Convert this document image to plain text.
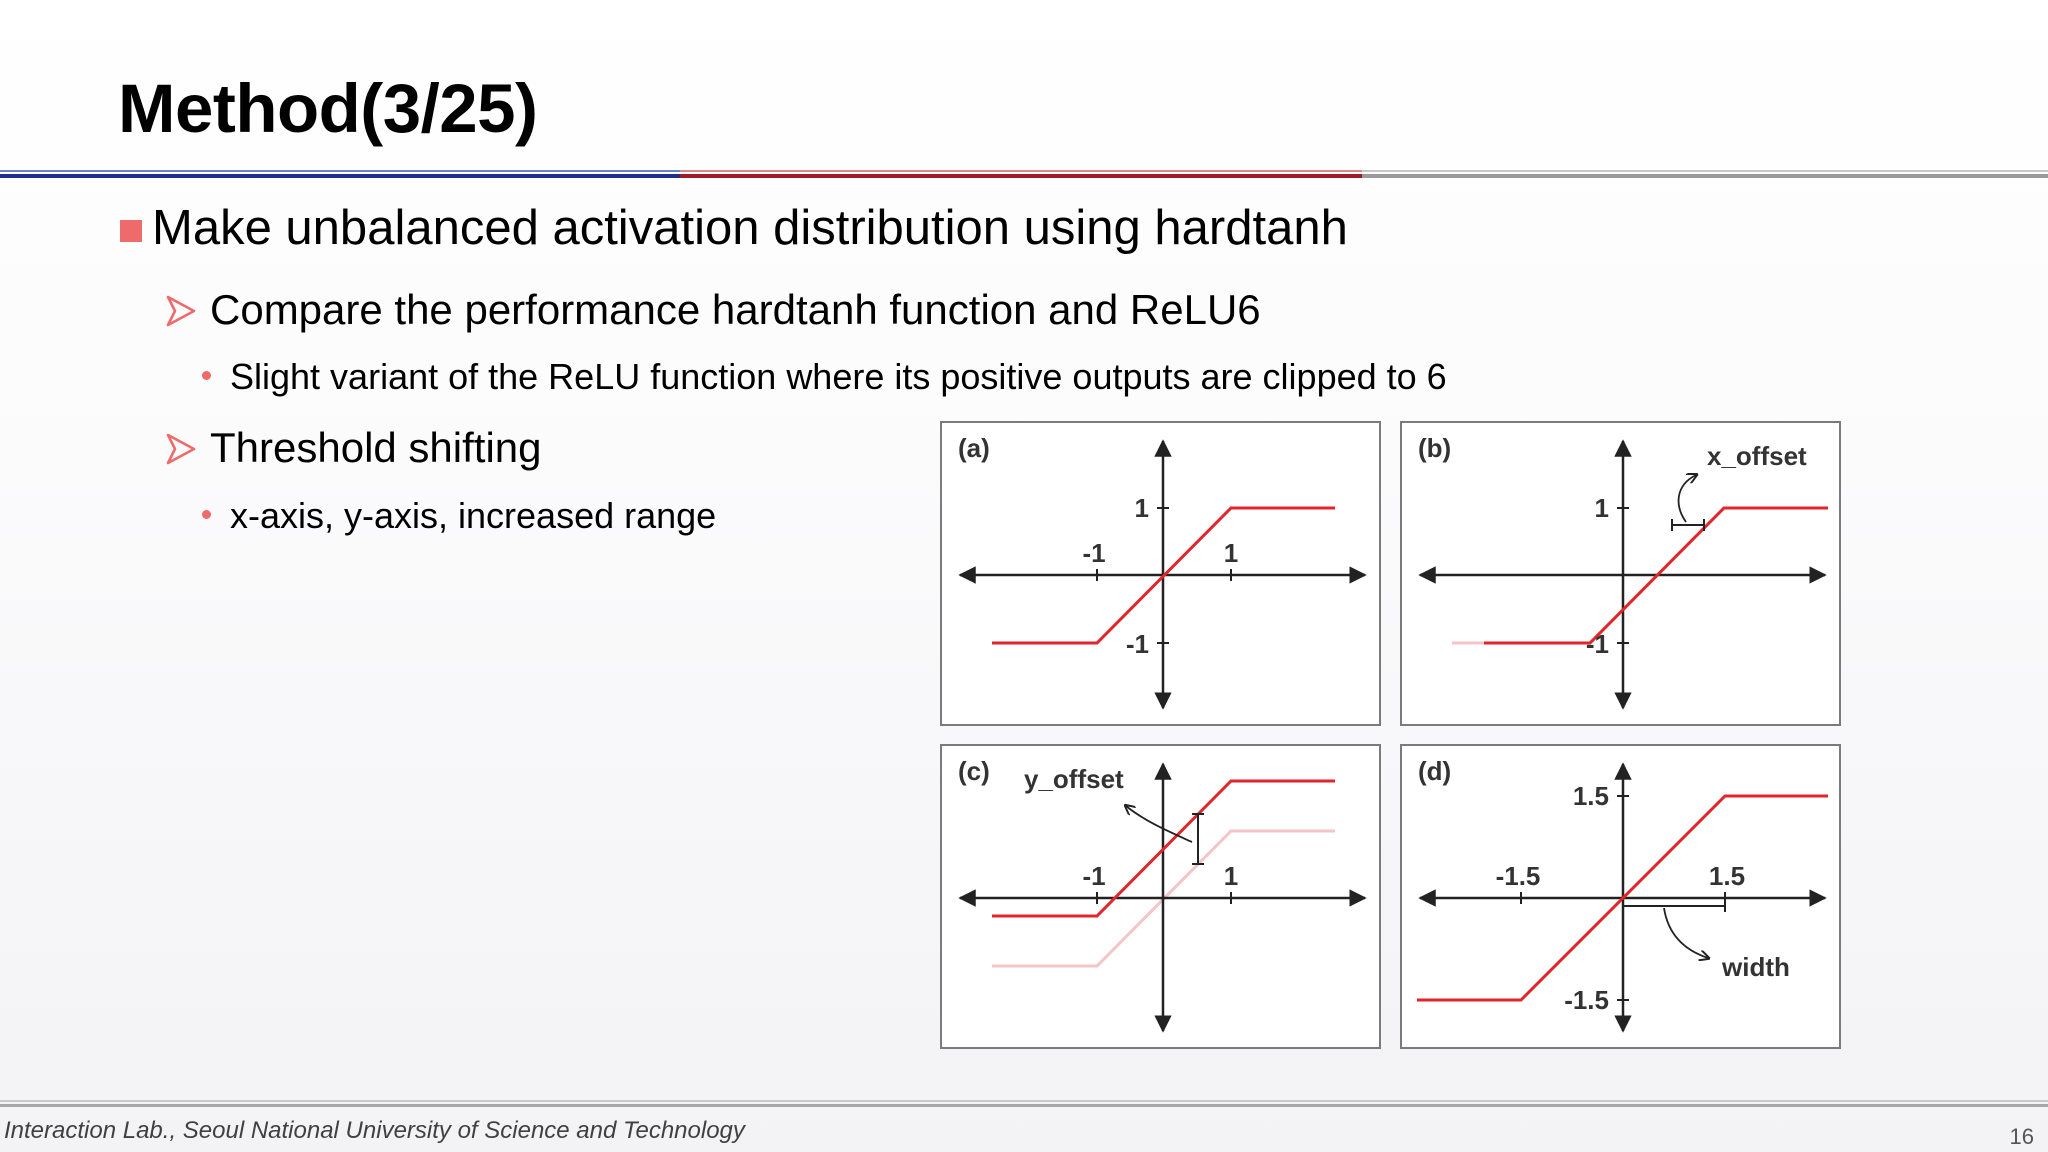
Method(3/25)
Make unbalanced activation distribution using hardtanh
Compare the performance hardtanh function and ReLU6
Slight variant of the ReLU function where its positive outputs are clipped to 6
Threshold shifting
x-axis, y-axis, increased range
(a)
1
-1
-1	1
(b)	x_offset
1
-1
(c) y_offset
-1	1
(d)
1.5
-1.5
-1.5	1.5
width
Interaction Lab., Seoul National University of Science and Technology	16
